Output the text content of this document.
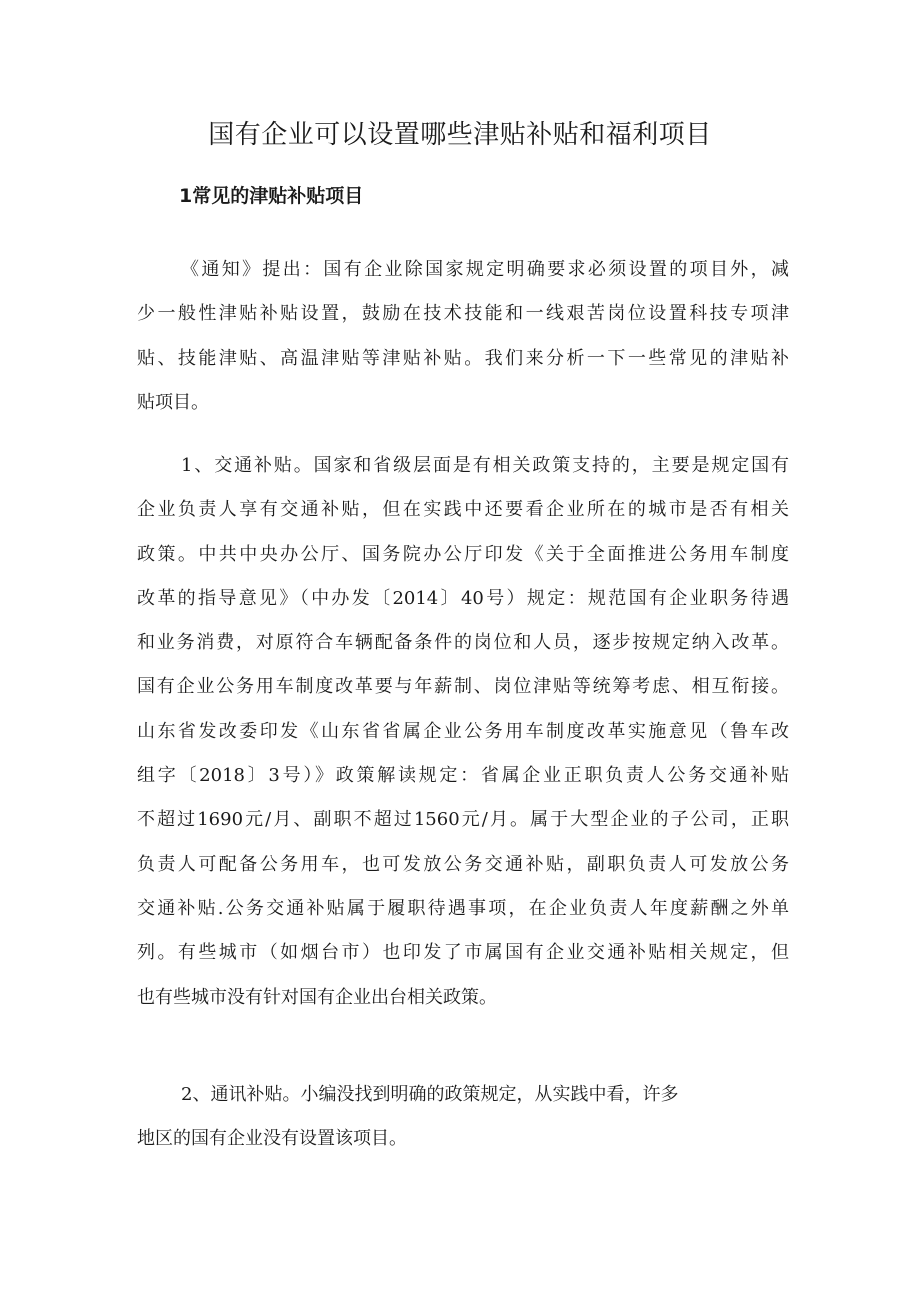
国有企业可以设置哪些津贴补贴和福利项目
1常见的津贴补贴项目
《通知》提出：国有企业除国家规定明确要求必须设置的项目外，减
少一般性津贴补贴设置，鼓励在技术技能和一线艰苦岗位设置科技专项津
贴、技能津贴、高温津贴等津贴补贴。我们来分析一下一些常见的津贴补
贴项目。
1、交通补贴。国家和省级层面是有相关政策支持的，主要是规定国有
企业负责人享有交通补贴，但在实践中还要看企业所在的城市是否有相关
政策。中共中央办公厅、国务院办公厅印发《关于全面推进公务用车制度
改革的指导意见》（中办发〔2014〕40号）规定：规范国有企业职务待遇
和业务消费，对原符合车辆配备条件的岗位和人员，逐步按规定纳入改革。
国有企业公务用车制度改革要与年薪制、岗位津贴等统筹考虑、相互衔接。
山东省发改委印发《山东省省属企业公务用车制度改革实施意见（鲁车改
组字〔2018〕3号）》政策解读规定：省属企业正职负责人公务交通补贴
不超过1690元/月、副职不超过1560元/月。属于大型企业的子公司，正职
负责人可配备公务用车，也可发放公务交通补贴，副职负责人可发放公务
交通补贴.公务交通补贴属于履职待遇事项，在企业负责人年度薪酬之外单
列。有些城市（如烟台市）也印发了市属国有企业交通补贴相关规定，但
也有些城市没有针对国有企业出台相关政策。
2、通讯补贴。小编没找到明确的政策规定，从实践中看，许多
地区的国有企业没有设置该项目。
